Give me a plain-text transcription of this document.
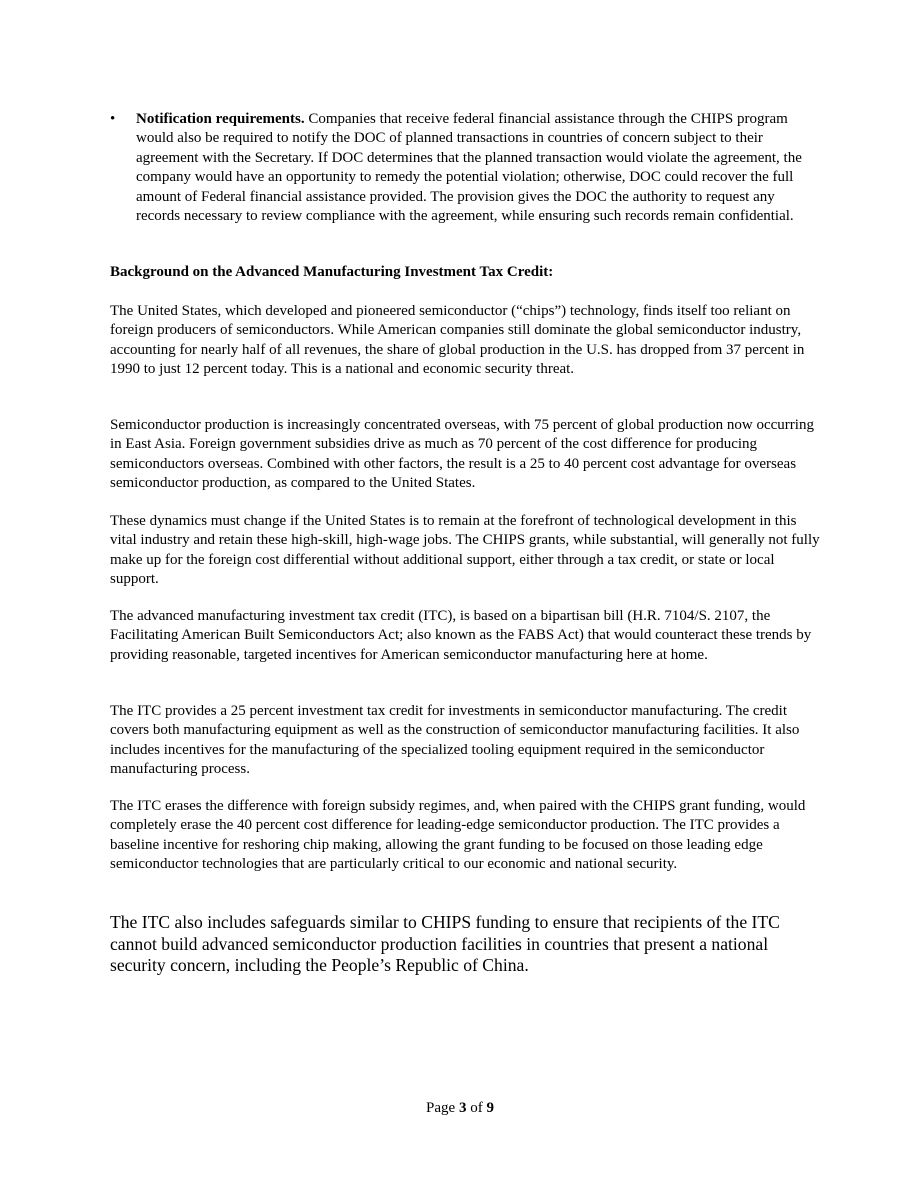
• Notification requirements. Companies that receive federal financial assistance through the CHIPS program would also be required to notify the DOC of planned transactions in countries of concern subject to their agreement with the Secretary. If DOC determines that the planned transaction would violate the agreement, the company would have an opportunity to remedy the potential violation; otherwise, DOC could recover the full amount of Federal financial assistance provided. The provision gives the DOC the authority to request any records necessary to review compliance with the agreement, while ensuring such records remain confidential.
Background on the Advanced Manufacturing Investment Tax Credit:

The United States, which developed and pioneered semiconductor (“chips”) technology, finds itself too reliant on foreign producers of semiconductors. While American companies still dominate the global semiconductor industry, accounting for nearly half of all revenues, the share of global production in the U.S. has dropped from 37 percent in 1990 to just 12 percent today. This is a national and economic security threat.

Semiconductor production is increasingly concentrated overseas, with 75 percent of global production now occurring in East Asia. Foreign government subsidies drive as much as 70 percent of the cost difference for producing semiconductors overseas. Combined with other factors, the result is a 25 to 40 percent cost advantage for overseas semiconductor production, as compared to the United States.

These dynamics must change if the United States is to remain at the forefront of technological development in this vital industry and retain these high-skill, high-wage jobs. The CHIPS grants, while substantial, will generally not fully make up for the foreign cost differential without additional support, either through a tax credit, or state or local support.

The advanced manufacturing investment tax credit (ITC), is based on a bipartisan bill (H.R. 7104/S. 2107, the Facilitating American Built Semiconductors Act; also known as the FABS Act) that would counteract these trends by providing reasonable, targeted incentives for American semiconductor manufacturing here at home.

The ITC provides a 25 percent investment tax credit for investments in semiconductor manufacturing. The credit covers both manufacturing equipment as well as the construction of semiconductor manufacturing facilities. It also includes incentives for the manufacturing of the specialized tooling equipment required in the semiconductor manufacturing process.

The ITC erases the difference with foreign subsidy regimes, and, when paired with the CHIPS grant funding, would completely erase the 40 percent cost difference for leading-edge semiconductor production. The ITC provides a baseline incentive for reshoring chip making, allowing the grant funding to be focused on those leading edge semiconductor technologies that are particularly critical to our economic and national security.

The ITC also includes safeguards similar to CHIPS funding to ensure that recipients of the ITC cannot build advanced semiconductor production facilities in countries that present a national security concern, including the People’s Republic of China.

Page 3 of 9
